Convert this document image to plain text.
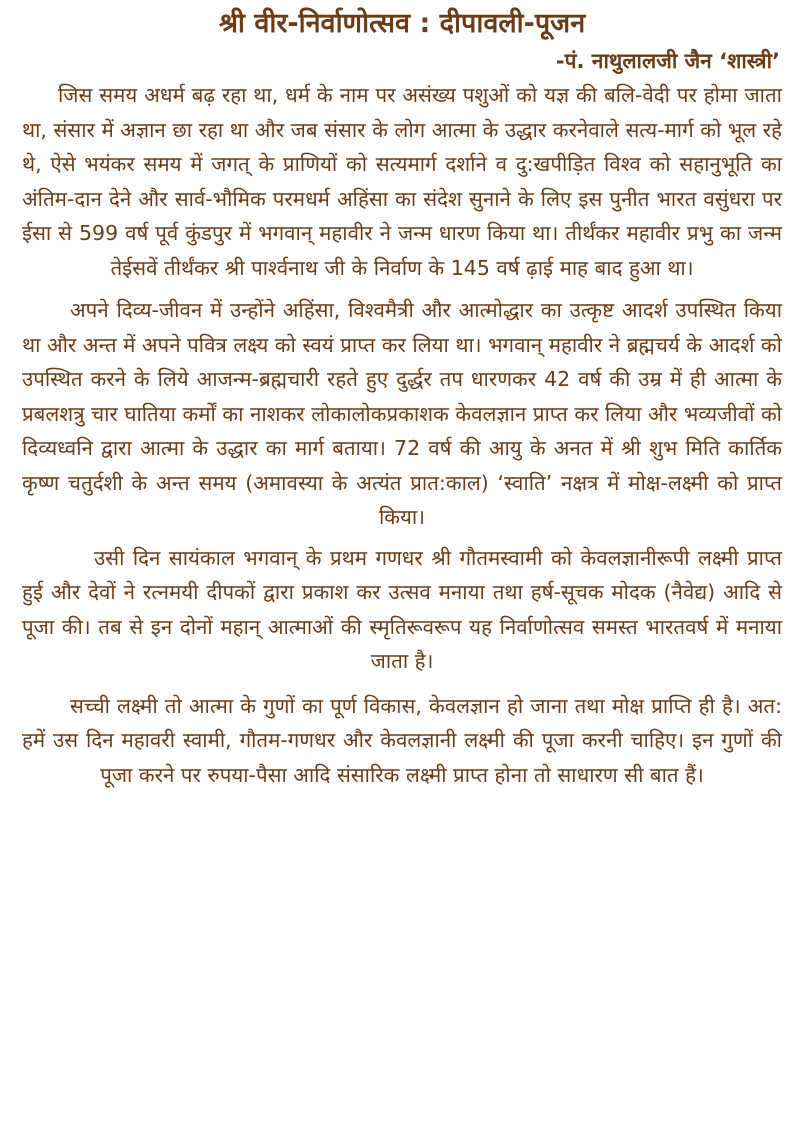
श्री वीर-निर्वाणोत्सव : दीपावली-पूजन
-पं. नाथुलालजी जैन ‘शास्त्री’

जिस समय अधर्म बढ़ रहा था, धर्म के नाम पर असंख्य पशुओं को यज्ञ की बलि-वेदी पर होमा जाता था, संसार में अज्ञान छा रहा था और जब संसार के लोग आत्मा के उद्धार करनेवाले सत्य-मार्ग को भूल रहे थे, ऐसे भयंकर समय में जगत् के प्राणियों को सत्यमार्ग दर्शाने व दु:खपीड़ित विश्व को सहानुभूति का अंतिम-दान देने और सार्व-भौमिक परमधर्म अहिंसा का संदेश सुनाने के लिए इस पुनीत भारत वसुंधरा पर ईसा से 599 वर्ष पूर्व कुंडपुर में भगवान् महावीर ने जन्म धारण किया था। तीर्थंकर महावीर प्रभु का जन्म तेईसवें तीर्थंकर श्री पार्श्वनाथ जी के निर्वाण के 145 वर्ष ढ़ाई माह बाद हुआ था।

अपने दिव्य-जीवन में उन्होंने अहिंसा, विश्वमैत्री और आत्मोद्धार का उत्कृष्ट आदर्श उपस्थित किया था और अन्त में अपने पवित्र लक्ष्य को स्वयं प्राप्त कर लिया था। भगवान् महावीर ने ब्रह्मचर्य के आदर्श को उपस्थित करने के लिये आजन्म-ब्रह्मचारी रहते हुए दुर्द्धर तप धारणकर 42 वर्ष की उम्र में ही आत्मा के प्रबलशत्रु चार घातिया कर्मों का नाशकर लोकालोकप्रकाशक केवलज्ञान प्राप्त कर लिया और भव्यजीवों को दिव्यध्वनि द्वारा आत्मा के उद्धार का मार्ग बताया। 72 वर्ष की आयु के अनत में श्री शुभ मिति कार्तिक कृष्ण चतुर्दशी के अन्त समय (अमावस्या के अत्यंत प्रात:काल) ‘स्वाति’ नक्षत्र में मोक्ष-लक्ष्मी को प्राप्त किया।

उसी दिन सायंकाल भगवान् के प्रथम गणधर श्री गौतमस्वामी को केवलज्ञानीरूपी लक्ष्मी प्राप्त हुई और देवों ने रत्नमयी दीपकों द्वारा प्रकाश कर उत्सव मनाया तथा हर्ष-सूचक मोदक (नैवेद्य) आदि से पूजा की। तब से इन दोनों महान् आत्माओं की स्मृतिरूवरूप यह निर्वाणोत्सव समस्त भारतवर्ष में मनाया जाता है।

सच्ची लक्ष्मी तो आत्मा के गुणों का पूर्ण विकास, केवलज्ञान हो जाना तथा मोक्ष प्राप्ति ही है। अत: हमें उस दिन महावरी स्वामी, गौतम-गणधर और केवलज्ञानी लक्ष्मी की पूजा करनी चाहिए। इन गुणों की पूजा करने पर रुपया-पैसा आदि संसारिक लक्ष्मी प्राप्त होना तो साधारण सी बात हैं।
